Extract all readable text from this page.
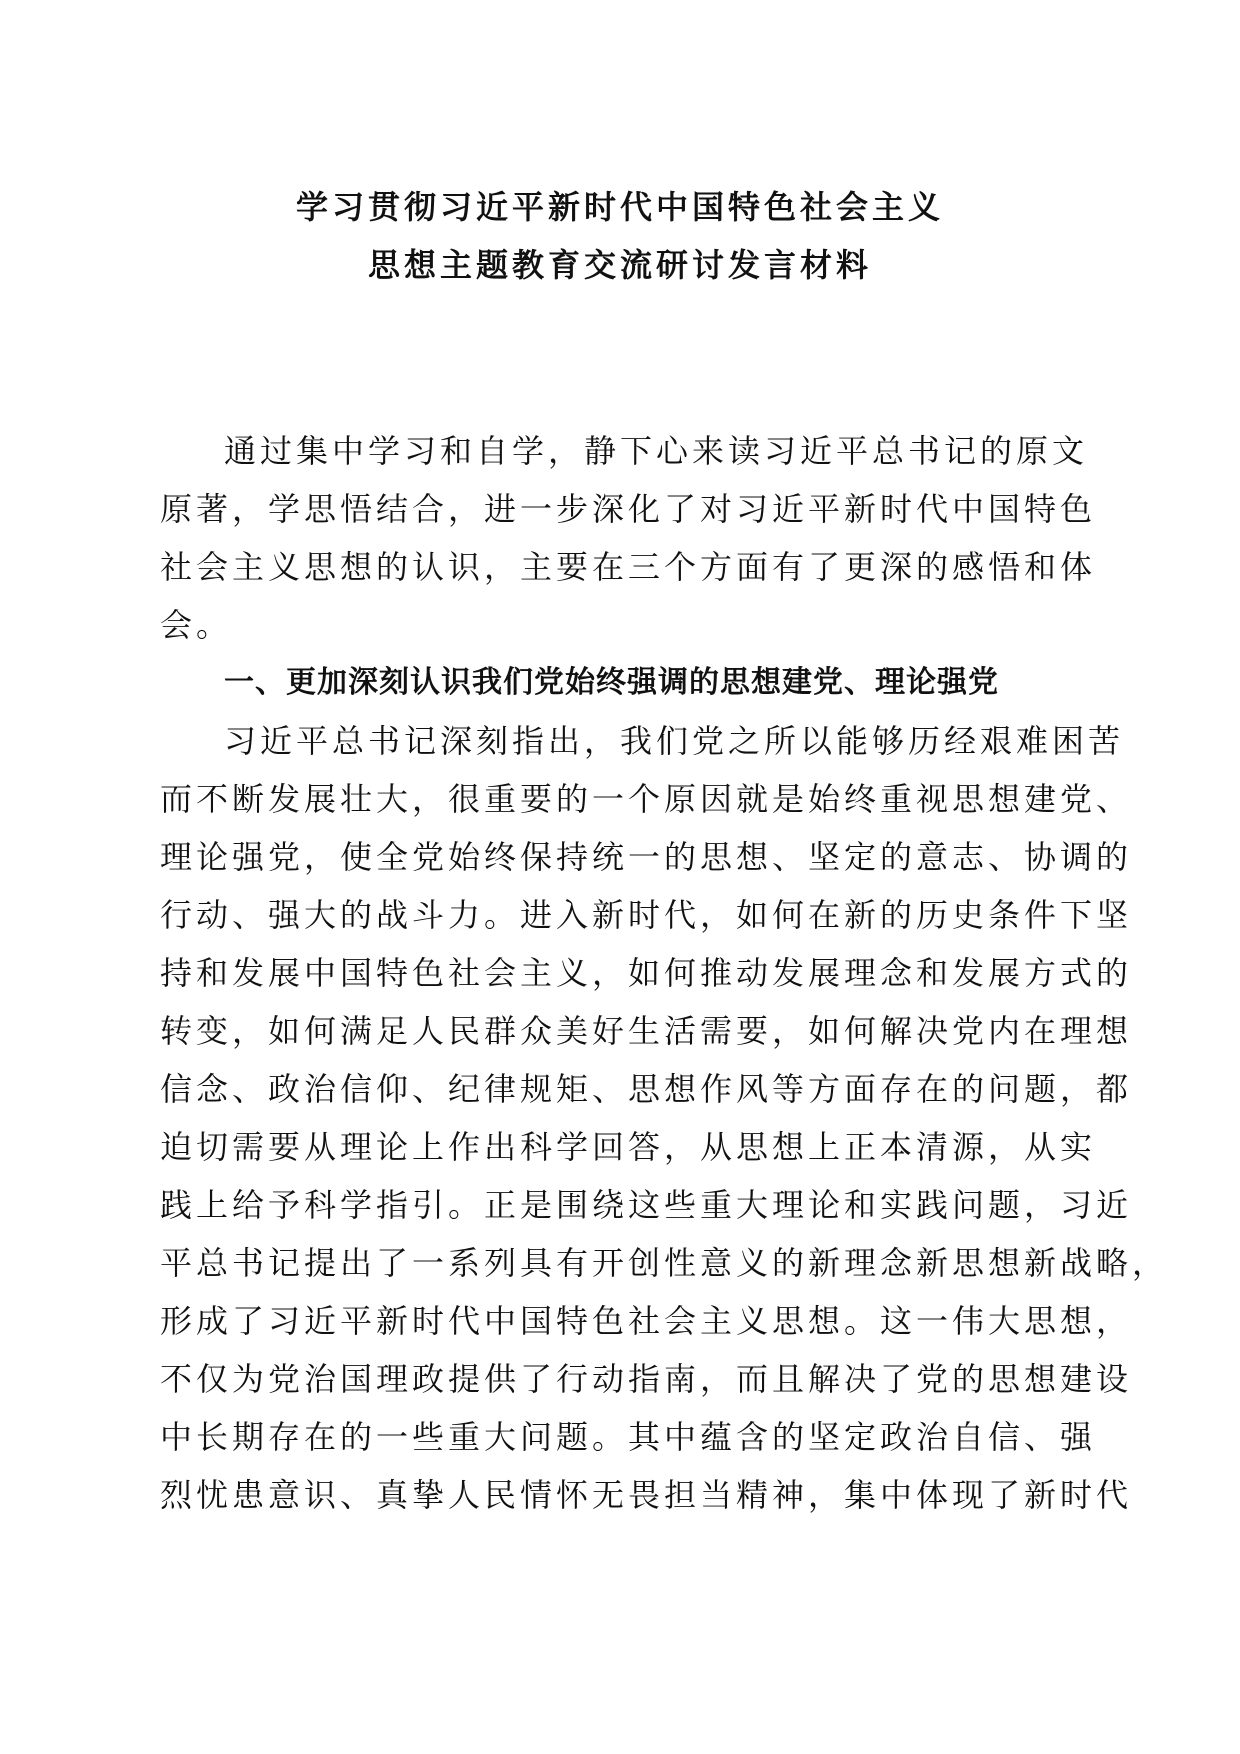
学习贯彻习近平新时代中国特色社会主义
思想主题教育交流研讨发言材料
通过集中学习和自学，静下心来读习近平总书记的原文
原著，学思悟结合，进一步深化了对习近平新时代中国特色
社会主义思想的认识，主要在三个方面有了更深的感悟和体
会。
一、更加深刻认识我们党始终强调的思想建党、理论强党
习近平总书记深刻指出，我们党之所以能够历经艰难困苦
而不断发展壮大，很重要的一个原因就是始终重视思想建党、
理论强党，使全党始终保持统一的思想、坚定的意志、协调的
行动、强大的战斗力。进入新时代，如何在新的历史条件下坚
持和发展中国特色社会主义，如何推动发展理念和发展方式的
转变，如何满足人民群众美好生活需要，如何解决党内在理想
信念、政治信仰、纪律规矩、思想作风等方面存在的问题，都
迫切需要从理论上作出科学回答，从思想上正本清源，从实
践上给予科学指引。正是围绕这些重大理论和实践问题，习近
平总书记提出了一系列具有开创性意义的新理念新思想新战略，
形成了习近平新时代中国特色社会主义思想。这一伟大思想，
不仅为党治国理政提供了行动指南，而且解决了党的思想建设
中长期存在的一些重大问题。其中蕴含的坚定政治自信、强
烈忧患意识、真挚人民情怀无畏担当精神，集中体现了新时代
